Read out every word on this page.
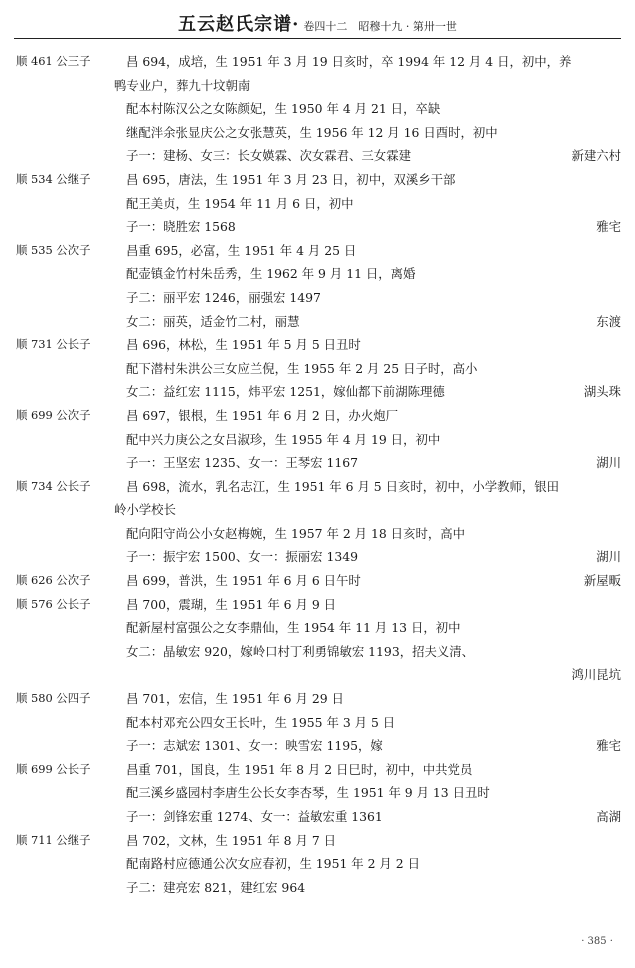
五云赵氏宗谱· 卷四十二　昭穆十九 · 第卅一世
顺 461 公三子	昌 694，成培，生 1951 年 3 月 19 日亥时，卒 1994 年 12 月 4 日，初中，养
鸭专业户，葬九十坟朝南
配本村陈汉公之女陈颜妃，生 1950 年 4 月 21 日，卒缺
继配泮余张显庆公之女张慧英，生 1956 年 12 月 16 日酉时，初中
子一：建杨、女三：长女媖霖、次女霖君、三女霖建	新建六村
顺 534 公继子	昌 695，唐法，生 1951 年 3 月 23 日，初中，双溪乡干部
配王美贞，生 1954 年 11 月 6 日，初中
子一：晓胜宏 1568	雅宅
顺 535 公次子	昌重 695，必富，生 1951 年 4 月 25 日
配壶镇金竹村朱岳秀，生 1962 年 9 月 11 日，离婚
子二：丽平宏 1246，丽强宏 1497
女二：丽英，适金竹二村，丽慧	东渡
顺 731 公长子	昌 696，林松，生 1951 年 5 月 5 日丑时
配下潜村朱洪公三女应兰倪，生 1955 年 2 月 25 日子时，高小
女二：益红宏 1115，炜平宏 1251，嫁仙都下前湖陈理德	湖头珠
顺 699 公次子	昌 697，银根，生 1951 年 6 月 2 日，办火炮厂
配中兴力庚公之女吕淑珍，生 1955 年 4 月 19 日，初中
子一：王坚宏 1235、女一：王琴宏 1167	湖川
顺 734 公长子	昌 698，流水，乳名志江，生 1951 年 6 月 5 日亥时，初中，小学教师，银田
岭小学校长
配向阳守尚公小女赵梅婉，生 1957 年 2 月 18 日亥时，高中
子一：振宇宏 1500、女一：振丽宏 1349	湖川
顺 626 公次子	昌 699，普洪，生 1951 年 6 月 6 日午时	新屋畈
顺 576 公长子	昌 700，震瑚，生 1951 年 6 月 9 日
配新屋村富强公之女李鼎仙，生 1954 年 11 月 13 日，初中
女二：晶敏宏 920，嫁岭口村丁利勇锦敏宏 1193，招夫义清、
鸿川昆坑
顺 580 公四子	昌 701，宏信，生 1951 年 6 月 29 日
配本村邓充公四女王长叶，生 1955 年 3 月 5 日
子一：志斌宏 1301、女一：映雪宏 1195，嫁	雅宅
顺 699 公长子	昌重 701，国良，生 1951 年 8 月 2 日巳时，初中，中共党员
配三溪乡盛园村李唐生公长女李杏琴，生 1951 年 9 月 13 日丑时
子一：剑锋宏重 1274、女一：益敏宏重 1361	高湖
顺 711 公继子	昌 702，文林，生 1951 年 8 月 7 日
配南路村应德通公次女应春初，生 1951 年 2 月 2 日
子二：建亮宏 821，建红宏 964
· 385 ·
